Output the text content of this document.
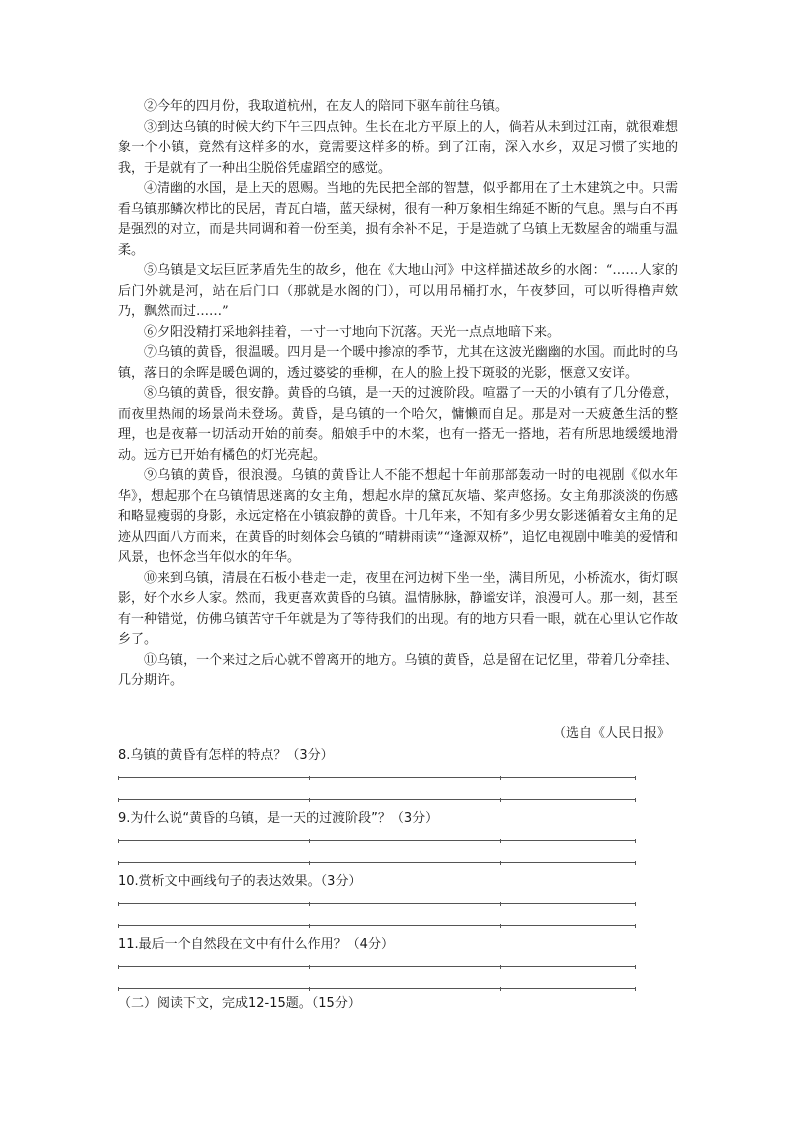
②今年的四月份，我取道杭州，在友人的陪同下驱车前往乌镇。

③到达乌镇的时候大约下午三四点钟。生长在北方平原上的人，倘若从未到过江南，就很难想象一个小镇，竟然有这样多的水，竟需要这样多的桥。到了江南，深入水乡，双足习惯了实地的我，于是就有了一种出尘脱俗凭虚蹈空的感觉。

④清幽的水国，是上天的恩赐。当地的先民把全部的智慧，似乎都用在了土木建筑之中。只需看乌镇那鳞次栉比的民居，青瓦白墙，蓝天绿树，很有一种万象相生绵延不断的气息。黑与白不再是强烈的对立，而是共同调和着一份至美，损有余补不足，于是造就了乌镇上无数屋舍的端重与温柔。

⑤乌镇是文坛巨匠茅盾先生的故乡，他在《大地山河》中这样描述故乡的水阁：“……人家的后门外就是河，站在后门口（那就是水阁的门），可以用吊桶打水，午夜梦回，可以听得橹声欸乃，飘然而过……”

⑥夕阳没精打采地斜挂着，一寸一寸地向下沉落。天光一点点地暗下来。

⑦乌镇的黄昏，很温暖。四月是一个暖中掺凉的季节，尤其在这波光幽幽的水国。而此时的乌镇，落日的余晖是暖色调的，透过婆娑的垂柳，在人的脸上投下斑驳的光影，惬意又安详。

⑧乌镇的黄昏，很安静。黄昏的乌镇，是一天的过渡阶段。喧嚣了一天的小镇有了几分倦意，而夜里热闹的场景尚未登场。黄昏，是乌镇的一个哈欠，慵懒而自足。那是对一天疲惫生活的整理，也是夜幕一切活动开始的前奏。船娘手中的木桨，也有一搭无一搭地，若有所思地缓缓地滑动。远方已开始有橘色的灯光亮起。

⑨乌镇的黄昏，很浪漫。乌镇的黄昏让人不能不想起十年前那部轰动一时的电视剧《似水年华》，想起那个在乌镇情思迷离的女主角，想起水岸的黛瓦灰墙、桨声悠扬。女主角那淡淡的伤感和略显瘦弱的身影，永远定格在小镇寂静的黄昏。十几年来，不知有多少男女影迷循着女主角的足迹从四面八方而来，在黄昏的时刻体会乌镇的“晴耕雨读”“逢源双桥”，追忆电视剧中唯美的爱情和风景，也怀念当年似水的年华。

⑩来到乌镇，清晨在石板小巷走一走，夜里在河边树下坐一坐，满目所见，小桥流水，街灯暝影，好个水乡人家。然而，我更喜欢黄昏的乌镇。温情脉脉，静谧安详，浪漫可人。那一刻，甚至有一种错觉，仿佛乌镇苦守千年就是为了等待我们的出现。有的地方只看一眼，就在心里认它作故乡了。

⑪乌镇，一个来过之后心就不曾离开的地方。乌镇的黄昏，总是留在记忆里，带着几分牵挂、几分期许。

（选自《人民日报》
8.乌镇的黄昏有怎样的特点？（3分）
9.为什么说“黄昏的乌镇，是一天的过渡阶段”？（3分）
10.赏析文中画线句子的表达效果。（3分）
11.最后一个自然段在文中有什么作用？（4分）
（二）阅读下文，完成12-15题。（15分）
